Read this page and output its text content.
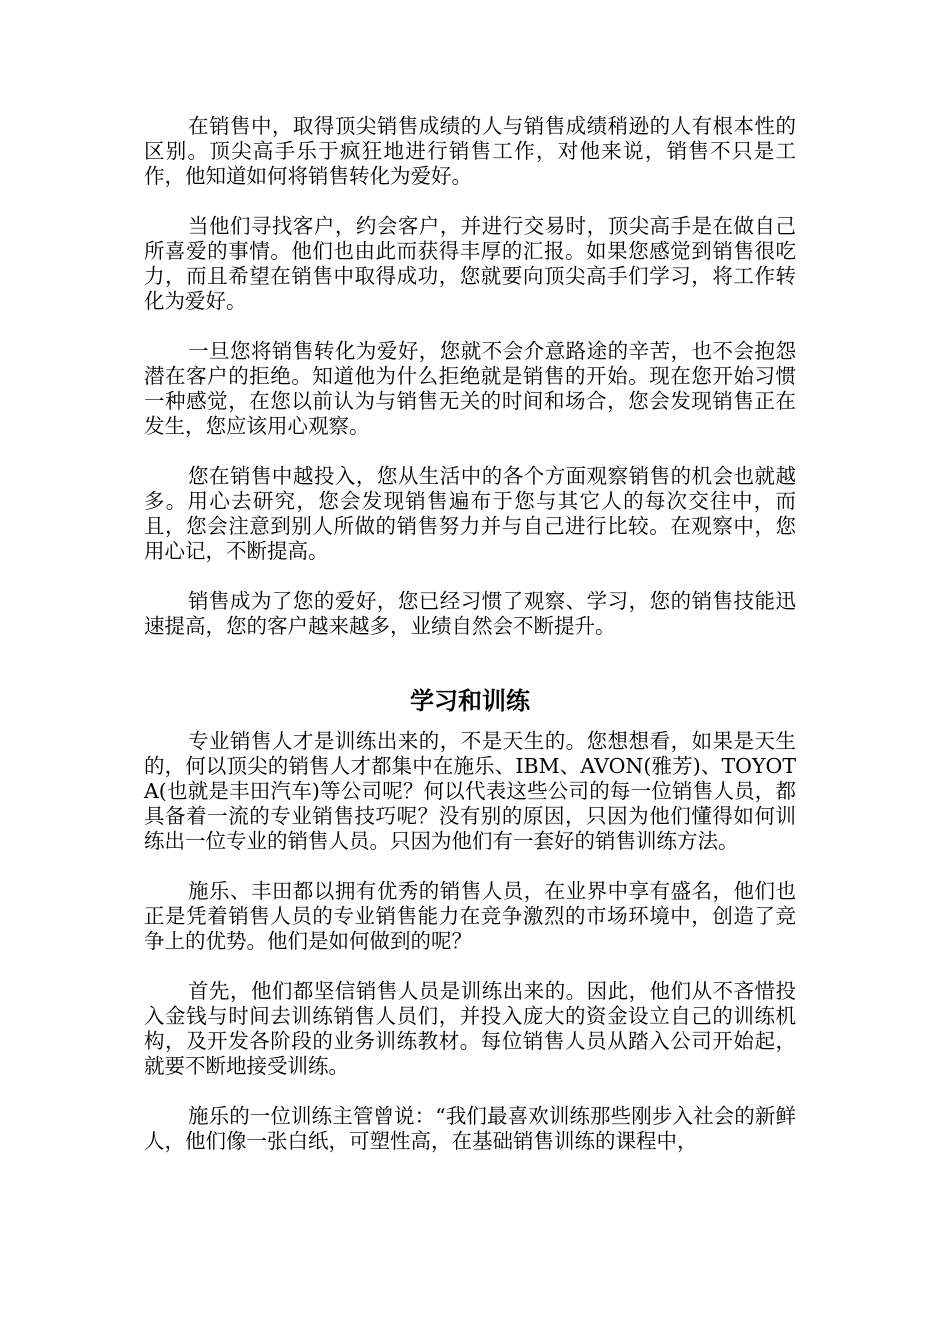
在销售中，取得顶尖销售成绩的人与销售成绩稍逊的人有根本性的区别。顶尖高手乐于疯狂地进行销售工作，对他来说，销售不只是工作，他知道如何将销售转化为爱好。

当他们寻找客户，约会客户，并进行交易时，顶尖高手是在做自己所喜爱的事情。他们也由此而获得丰厚的汇报。如果您感觉到销售很吃力，而且希望在销售中取得成功，您就要向顶尖高手们学习，将工作转化为爱好。

一旦您将销售转化为爱好，您就不会介意路途的辛苦，也不会抱怨潜在客户的拒绝。知道他为什么拒绝就是销售的开始。现在您开始习惯一种感觉，在您以前认为与销售无关的时间和场合，您会发现销售正在发生，您应该用心观察。

您在销售中越投入，您从生活中的各个方面观察销售的机会也就越多。用心去研究，您会发现销售遍布于您与其它人的每次交往中，而且，您会注意到别人所做的销售努力并与自己进行比较。在观察中，您用心记，不断提高。

销售成为了您的爱好，您已经习惯了观察、学习，您的销售技能迅速提高，您的客户越来越多，业绩自然会不断提升。

学习和训练

专业销售人才是训练出来的，不是天生的。您想想看，如果是天生的，何以顶尖的销售人才都集中在施乐、IBM、AVON(雅芳)、TOYOTA(也就是丰田汽车)等公司呢？何以代表这些公司的每一位销售人员，都具备着一流的专业销售技巧呢？没有别的原因，只因为他们懂得如何训练出一位专业的销售人员。只因为他们有一套好的销售训练方法。

施乐、丰田都以拥有优秀的销售人员，在业界中享有盛名，他们也正是凭着销售人员的专业销售能力在竞争激烈的市场环境中，创造了竞争上的优势。他们是如何做到的呢？

首先，他们都坚信销售人员是训练出来的。因此，他们从不吝惜投入金钱与时间去训练销售人员们，并投入庞大的资金设立自己的训练机构，及开发各阶段的业务训练教材。每位销售人员从踏入公司开始起，就要不断地接受训练。

施乐的一位训练主管曾说：“我们最喜欢训练那些刚步入社会的新鲜人，他们像一张白纸，可塑性高，在基础销售训练的课程中，
